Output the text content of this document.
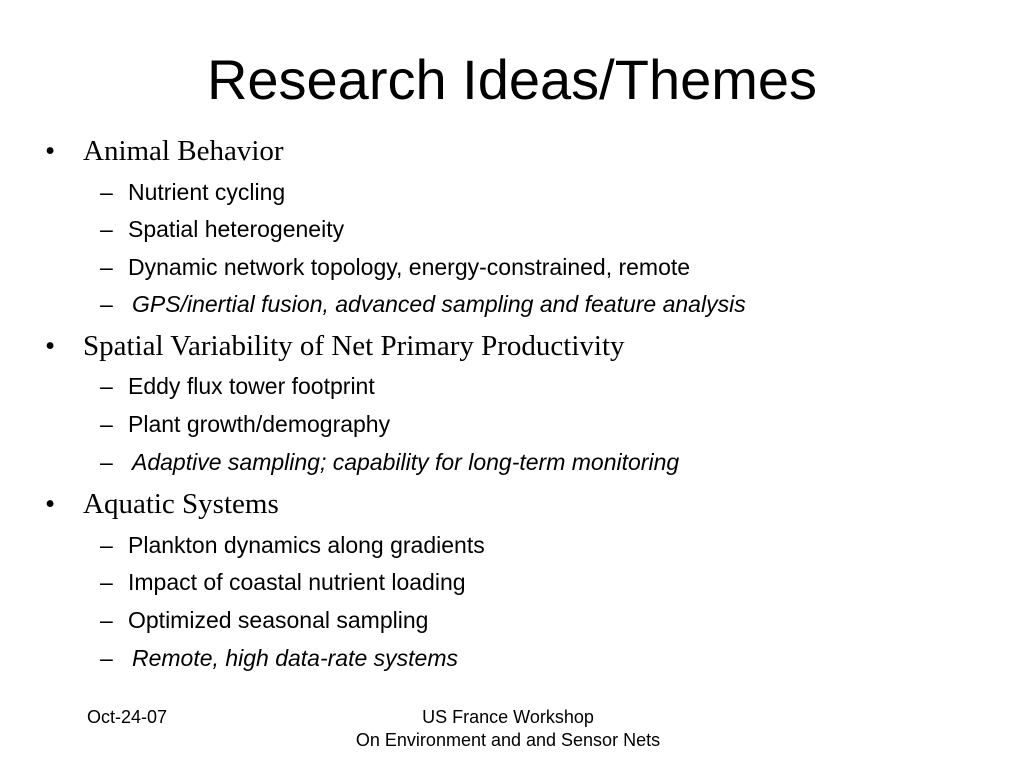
Research Ideas/Themes
• Animal Behavior
– Nutrient cycling
– Spatial heterogeneity
– Dynamic network topology, energy-constrained, remote
– GPS/inertial fusion, advanced sampling and feature analysis
• Spatial Variability of Net Primary Productivity
– Eddy flux tower footprint
– Plant growth/demography
– Adaptive sampling; capability for long-term monitoring
• Aquatic Systems
– Plankton dynamics along gradients
– Impact of coastal nutrient loading
– Optimized seasonal sampling
– Remote, high data-rate systems
Oct-24-07	US France Workshop
On Environment and and Sensor Nets
